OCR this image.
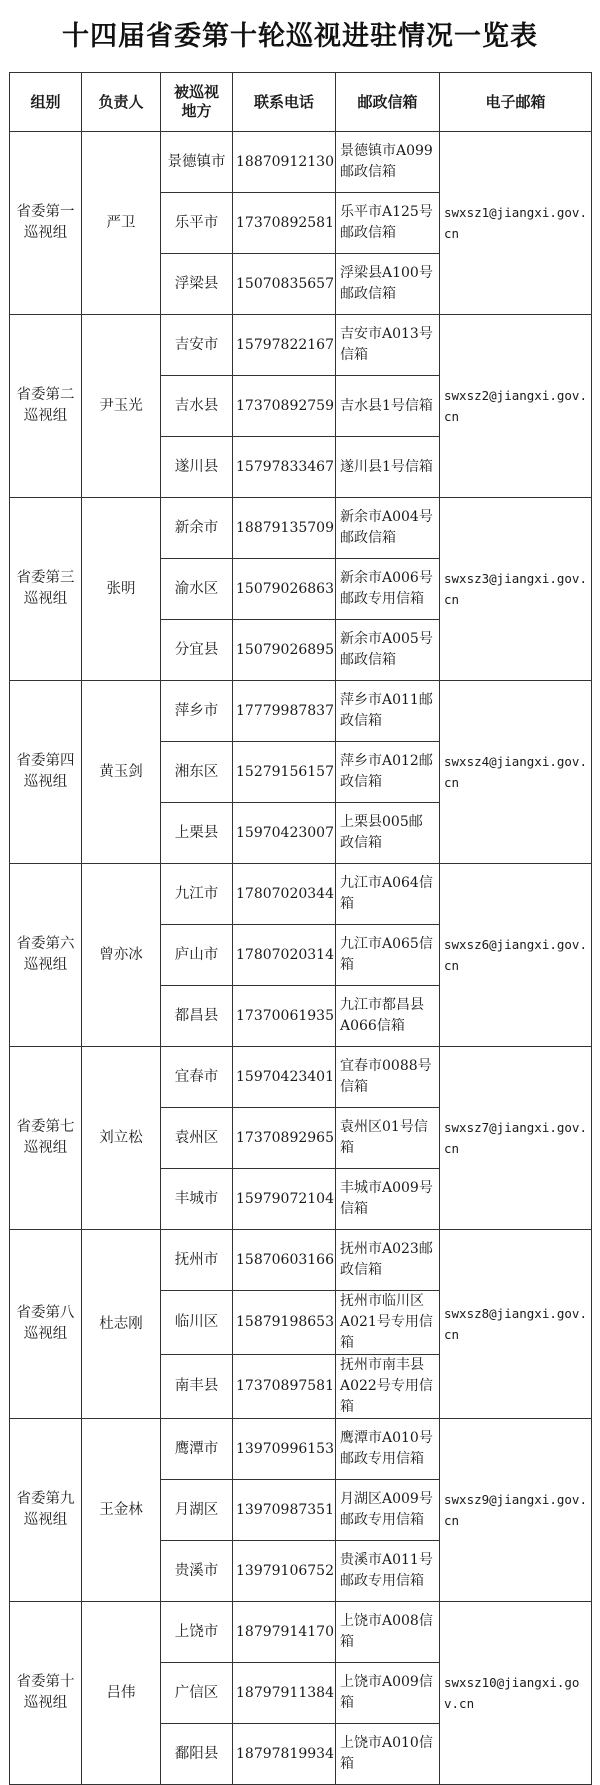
十四届省委第十轮巡视进驻情况一览表
组别	负责人	被巡视地方	联系电话	邮政信箱	电子邮箱
省委第一巡视组	严卫	景德镇市	18870912130	景德镇市A099邮政信箱	swxsz1@jiangxi.gov.cn
		乐平市	17370892581	乐平市A125号邮政信箱	
		浮梁县	15070835657	浮梁县A100号邮政信箱	
省委第二巡视组	尹玉光	吉安市	15797822167	吉安市A013号信箱	swxsz2@jiangxi.gov.cn
		吉水县	17370892759	吉水县1号信箱	
		遂川县	15797833467	遂川县1号信箱	
省委第三巡视组	张明	新余市	18879135709	新余市A004号邮政信箱	swxsz3@jiangxi.gov.cn
		渝水区	15079026863	新余市A006号邮政专用信箱	
		分宜县	15079026895	新余市A005号邮政信箱	
省委第四巡视组	黄玉剑	萍乡市	17779987837	萍乡市A011邮政信箱	swxsz4@jiangxi.gov.cn
		湘东区	15279156157	萍乡市A012邮政信箱	
		上栗县	15970423007	上栗县005邮政信箱	
省委第六巡视组	曾亦冰	九江市	17807020344	九江市A064信箱	swxsz6@jiangxi.gov.cn
		庐山市	17807020314	九江市A065信箱	
		都昌县	17370061935	九江市都昌县A066信箱	
省委第七巡视组	刘立松	宜春市	15970423401	宜春市0088号信箱	swxsz7@jiangxi.gov.cn
		袁州区	17370892965	袁州区01号信箱	
		丰城市	15979072104	丰城市A009号信箱	
省委第八巡视组	杜志刚	抚州市	15870603166	抚州市A023邮政信箱	swxsz8@jiangxi.gov.cn
		临川区	15879198653	抚州市临川区A021号专用信箱	
		南丰县	17370897581	抚州市南丰县A022号专用信箱	
省委第九巡视组	王金林	鹰潭市	13970996153	鹰潭市A010号邮政专用信箱	swxsz9@jiangxi.gov.cn
		月湖区	13970987351	月湖区A009号邮政专用信箱	
		贵溪市	13979106752	贵溪市A011号邮政专用信箱	
省委第十巡视组	吕伟	上饶市	18797914170	上饶市A008信箱	swxsz10@jiangxi.gov.cn
		广信区	18797911384	上饶市A009信箱	
		鄱阳县	18797819934	上饶市A010信箱	
